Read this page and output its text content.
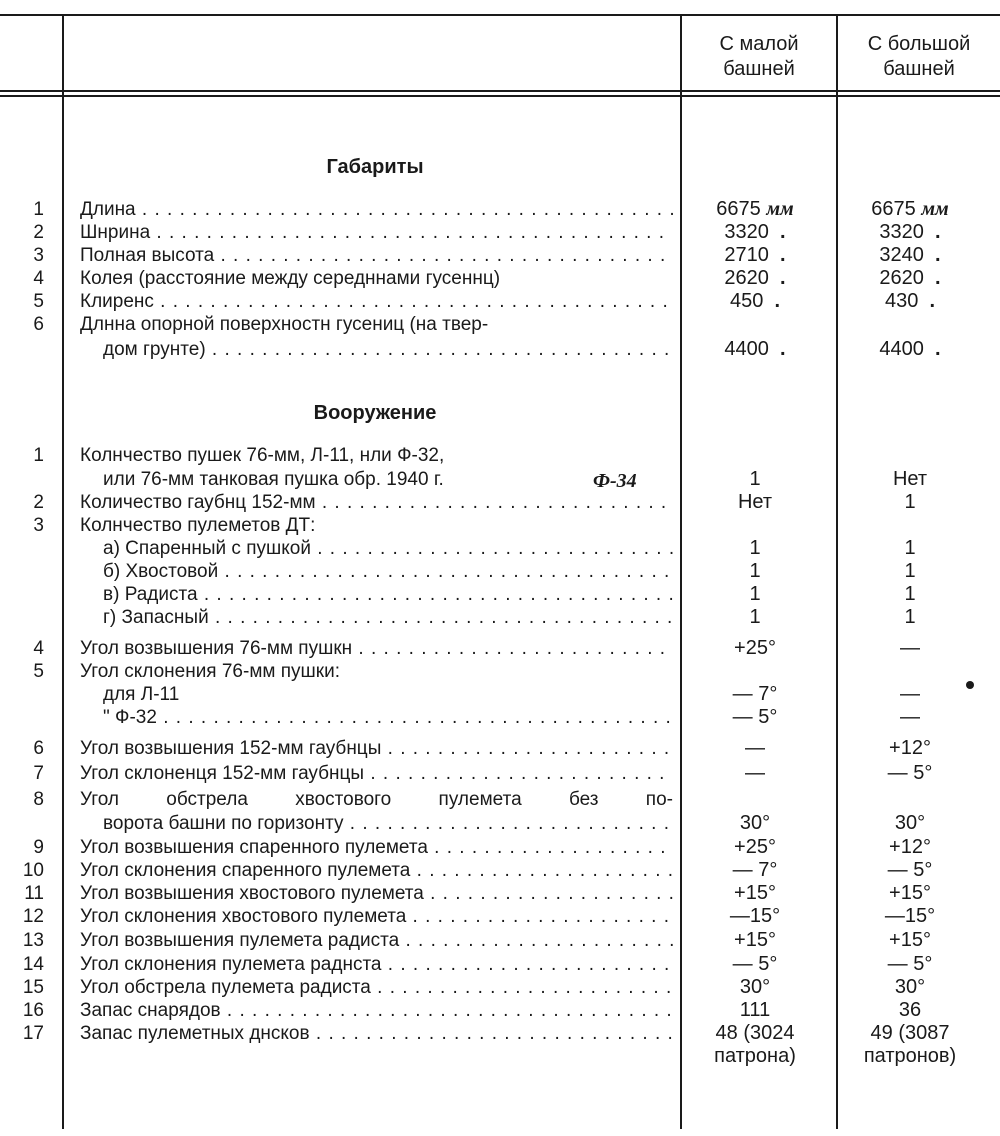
С малой
башней
С большой
башней
Габариты
1 Длина . . .	6675 мм	6675 мм
2 Шнрина . . .	3320 .	3320 .
3 Полная высота . . .	2710 .	3240 .
4 Колея (расстояние между середннами гусеннц)	2620 .	2620 .
5 Клиренс . . .	450 .	430 .
6 Длнна опорной поверхностн гусениц (на твер-
дом грунте) . . .	4400 .	4400 .
Вооружение
1 Колнчество пушек 76-мм, Л-11, нли Ф-32,
или 76-мм танковая пушка обр. 1940 г.	1	Нет
Ф-34
2 Количество гаубнц 152-мм . . .	Нет	1
3 Колнчество пулеметов ДТ:
а) Спаренный с пушкой . . .	1	1
б) Хвостовой . . .	1	1
в) Радиста . . .	1	1
г) Запасный . . .	1	1
4 Угол возвышения 76-мм пушкн . . .	+25°	—
5 Угол склонения 76-мм пушки:
для Л-11	— 7°	—
" Ф-32 . . .	— 5°	—
6 Угол возвышения 152-мм гаубнцы . . .	—	+12°
7 Угол склоненця 152-мм гаубнцы . . .	—	— 5°
8 Угол обстрела хвостового пулемета без по-
ворота башни по горизонту . . .	30°	30°
9 Угол возвышения спаренного пулемета . . .	+25°	+12°
10 Угол склонения спаренного пулемета . . .	— 7°	— 5°
11 Угол возвышения хвостового пулемета . . .	+15°	+15°
12 Угол склонения хвостового пулемета . . .	—15°	—15°
13 Угол возвышения пулемета радиста . . .	+15°	+15°
14 Угол склонения пулемета раднста . . .	— 5°	— 5°
15 Угол обстрела пулемета радиста . . .	30°	30°
16 Запас снарядов . . .	111	36
17 Запас пулеметных днсков . . .	48 (3024	49 (3087
патрона)	патронов)
